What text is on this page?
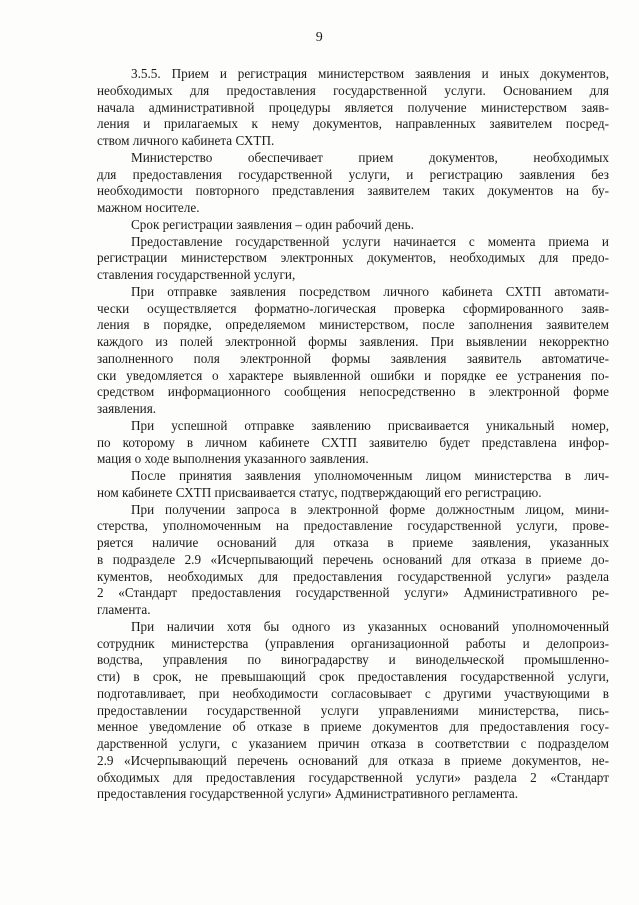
9
3.5.5. Прием и регистрация министерством заявления и иных документов,
необходимых для предоставления государственной услуги. Основанием для
начала административной процедуры является получение министерством заяв-
ления и прилагаемых к нему документов, направленных заявителем посред-
ством личного кабинета СХТП.
Министерство обеспечивает прием документов, необходимых
для предоставления государственной услуги, и регистрацию заявления без
необходимости повторного представления заявителем таких документов на бу-
мажном носителе.
Срок регистрации заявления – один рабочий день.
Предоставление государственной услуги начинается с момента приема и
регистрации министерством электронных документов, необходимых для предо-
ставления государственной услуги,
При отправке заявления посредством личного кабинета СХТП автомати-
чески осуществляется форматно-логическая проверка сформированного заяв-
ления в порядке, определяемом министерством, после заполнения заявителем
каждого из полей электронной формы заявления. При выявлении некорректно
заполненного поля электронной формы заявления заявитель автоматиче-
ски уведомляется о характере выявленной ошибки и порядке ее устранения по-
средством информационного сообщения непосредственно в электронной форме
заявления.
При успешной отправке заявлению присваивается уникальный номер,
по которому в личном кабинете СХТП заявителю будет представлена инфор-
мация о ходе выполнения указанного заявления.
После принятия заявления уполномоченным лицом министерства в лич-
ном кабинете СХТП присваивается статус, подтверждающий его регистрацию.
При получении запроса в электронной форме должностным лицом, мини-
стерства, уполномоченным на предоставление государственной услуги, прове-
ряется наличие оснований для отказа в приеме заявления, указанных
в подразделе 2.9 «Исчерпывающий перечень оснований для отказа в приеме до-
кументов, необходимых для предоставления государственной услуги» раздела
2 «Стандарт предоставления государственной услуги» Административного ре-
гламента.
При наличии хотя бы одного из указанных оснований уполномоченный
сотрудник министерства (управления организационной работы и делопроиз-
водства, управления по виноградарству и винодельческой промышленно-
сти) в срок, не превышающий срок предоставления государственной услуги,
подготавливает, при необходимости согласовывает с другими участвующими в
предоставлении государственной услуги управлениями министерства, пись-
менное уведомление об отказе в приеме документов для предоставления госу-
дарственной услуги, с указанием причин отказа в соответствии с подразделом
2.9 «Исчерпывающий перечень оснований для отказа в приеме документов, не-
обходимых для предоставления государственной услуги» раздела 2 «Стандарт
предоставления государственной услуги» Административного регламента.
